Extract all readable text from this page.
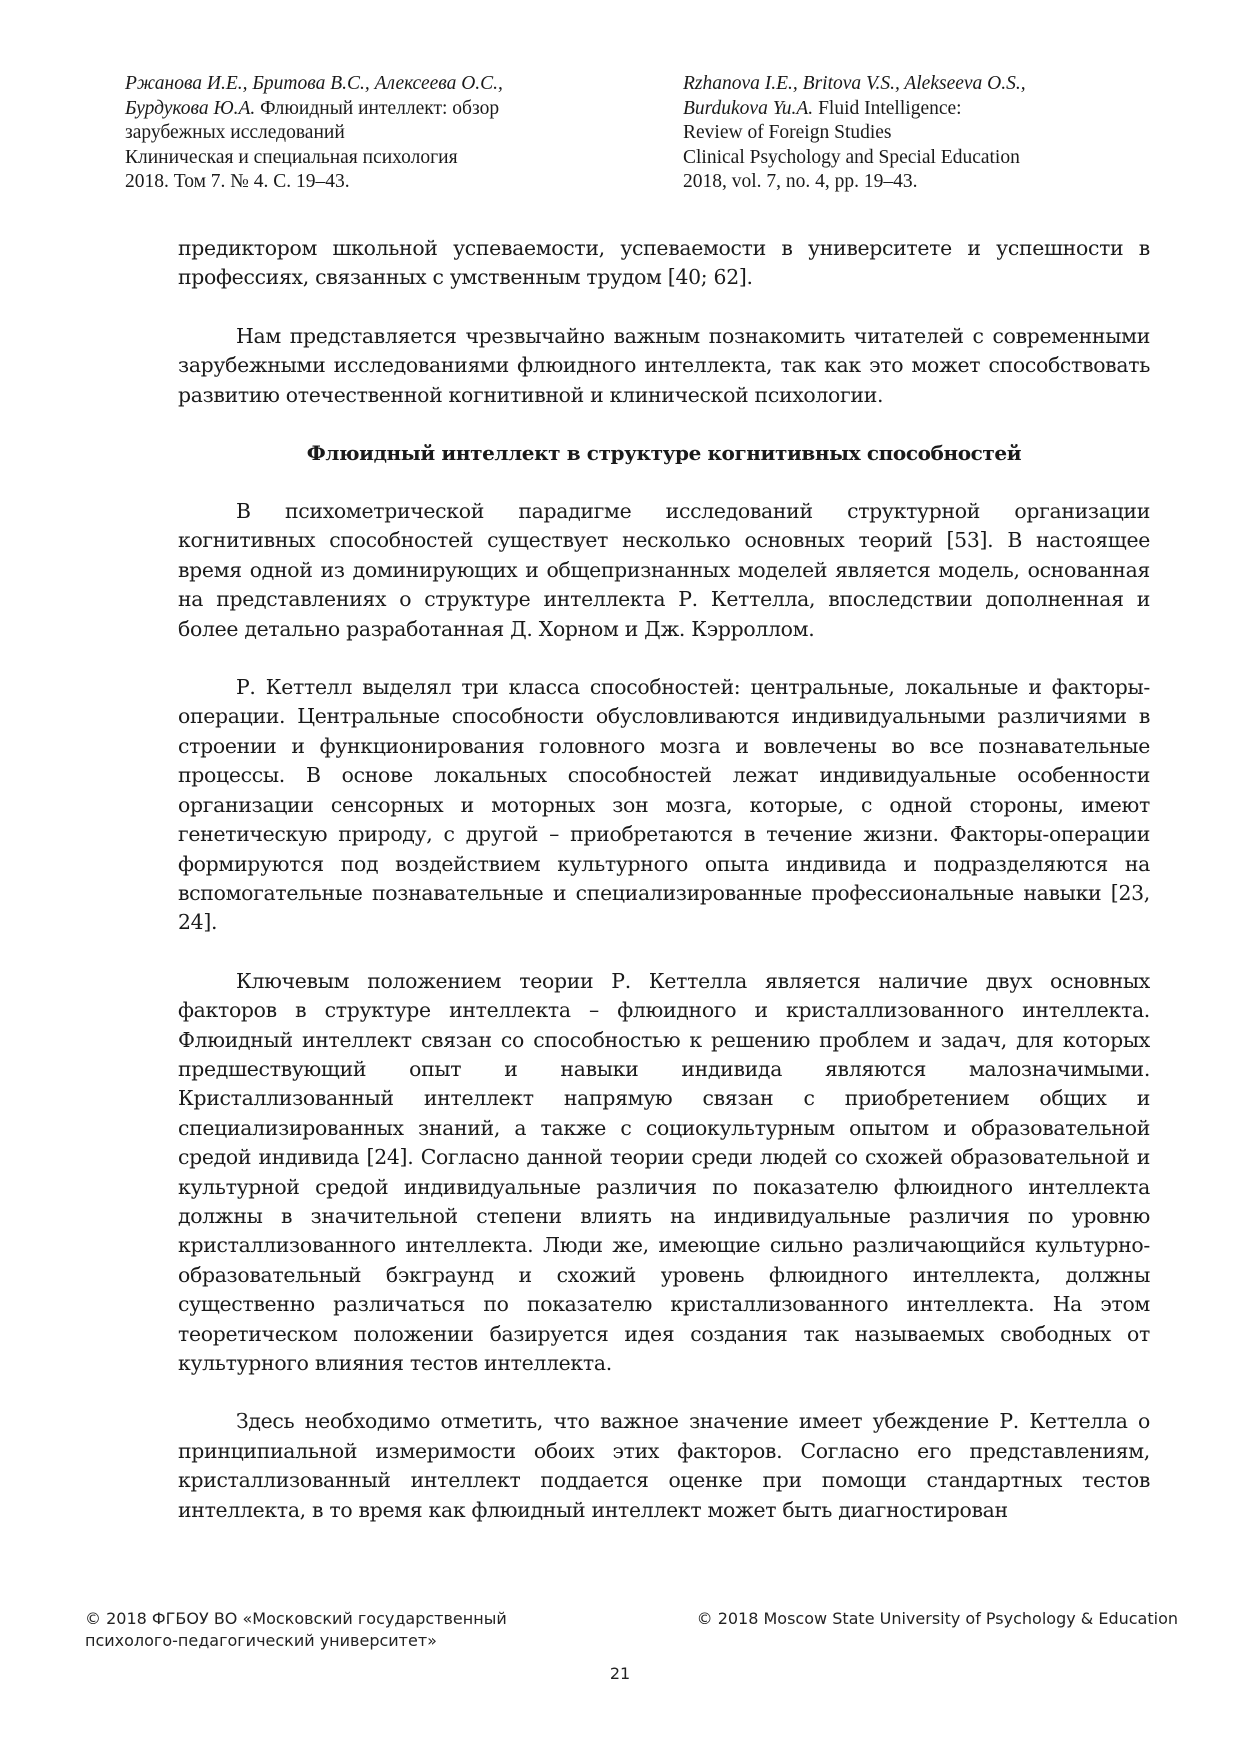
Ржанова И.Е., Бритова В.С., Алексеева О.С.,
Бурдукова Ю.А. Флюидный интеллект: обзор
зарубежных исследований
Клиническая и специальная психология
2018. Том 7. № 4. С. 19–43.
Rzhanova I.E., Britova V.S., Alekseeva O.S.,
Burdukova Yu.A. Fluid Intelligence:
Review of Foreign Studies
Clinical Psychology and Special Education
2018, vol. 7, no. 4, pp. 19–43.

предиктором школьной успеваемости, успеваемости в университете и успешности в профессиях, связанных с умственным трудом [40; 62].

Нам представляется чрезвычайно важным познакомить читателей с современными зарубежными исследованиями флюидного интеллекта, так как это может способствовать развитию отечественной когнитивной и клинической психологии.

Флюидный интеллект в структуре когнитивных способностей

В психометрической парадигме исследований структурной организации когнитивных способностей существует несколько основных теорий [53]. В настоящее время одной из доминирующих и общепризнанных моделей является модель, основанная на представлениях о структуре интеллекта Р. Кеттелла, впоследствии дополненная и более детально разработанная Д. Хорном и Дж. Кэрроллом.

Р. Кеттелл выделял три класса способностей: центральные, локальные и факторы-операции. Центральные способности обусловливаются индивидуальными различиями в строении и функционирования головного мозга и вовлечены во все познавательные процессы. В основе локальных способностей лежат индивидуальные особенности организации сенсорных и моторных зон мозга, которые, с одной стороны, имеют генетическую природу, с другой – приобретаются в течение жизни. Факторы-операции формируются под воздействием культурного опыта индивида и подразделяются на вспомогательные познавательные и специализированные профессиональные навыки [23, 24].

Ключевым положением теории Р. Кеттелла является наличие двух основных факторов в структуре интеллекта – флюидного и кристаллизованного интеллекта. Флюидный интеллект связан со способностью к решению проблем и задач, для которых предшествующий опыт и навыки индивида являются малозначимыми. Кристаллизованный интеллект напрямую связан с приобретением общих и специализированных знаний, а также с социокультурным опытом и образовательной средой индивида [24]. Согласно данной теории среди людей со схожей образовательной и культурной средой индивидуальные различия по показателю флюидного интеллекта должны в значительной степени влиять на индивидуальные различия по уровню кристаллизованного интеллекта. Люди же, имеющие сильно различающийся культурно-образовательный бэкграунд и схожий уровень флюидного интеллекта, должны существенно различаться по показателю кристаллизованного интеллекта. На этом теоретическом положении базируется идея создания так называемых свободных от культурного влияния тестов интеллекта.

Здесь необходимо отметить, что важное значение имеет убеждение Р. Кеттелла о принципиальной измеримости обоих этих факторов. Согласно его представлениям, кристаллизованный интеллект поддается оценке при помощи стандартных тестов интеллекта, в то время как флюидный интеллект может быть диагностирован

© 2018 ФГБОУ ВО «Московский государственный
психолого-педагогический университет»
© 2018 Moscow State University of Psychology & Education
21
